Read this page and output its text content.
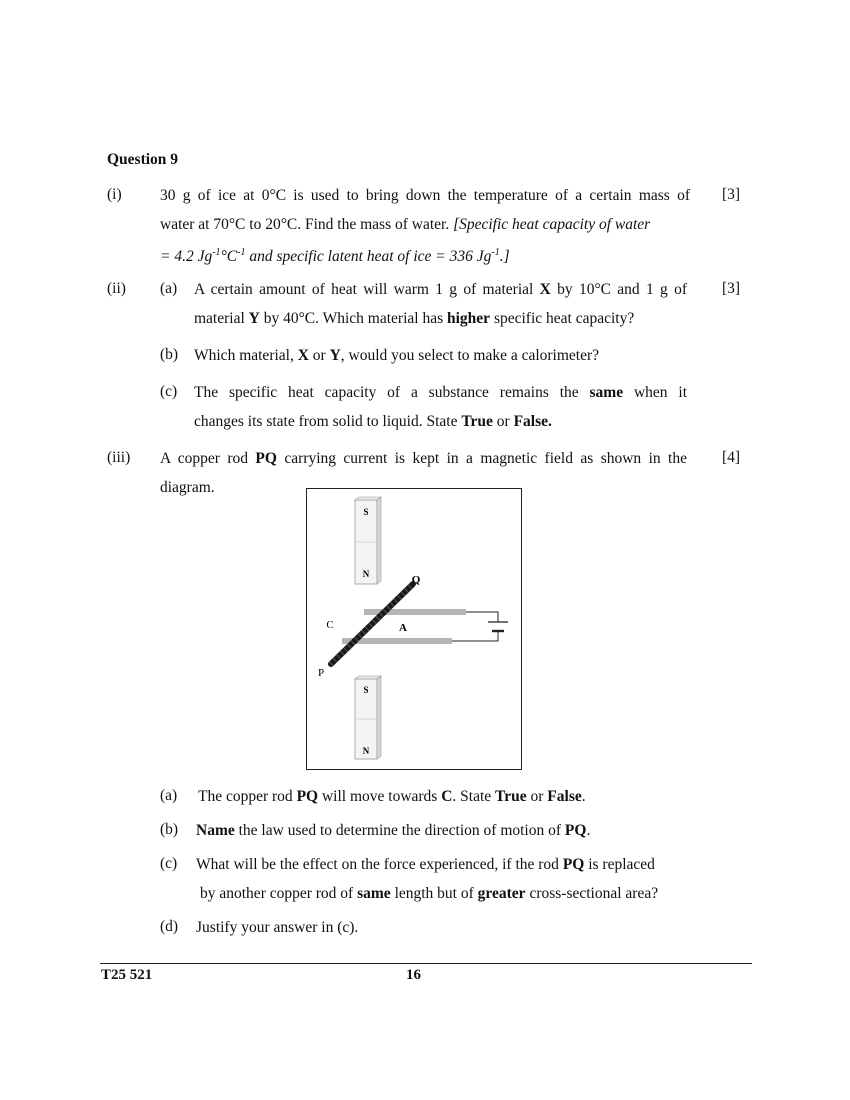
Question 9
(i)	[3]
30 g of ice at 0°C is used to bring down the temperature of a certain mass of
water at 70°C to 20°C. Find the mass of water. [Specific heat capacity of water
= 4.2 $Jg^{-1}^\circ C^{-1}$ and specific latent heat of ice = 336 $Jg^{-1}$.]
(ii)	[3]
(a) A certain amount of heat will warm 1 g of material X by 10°C and 1 g of
material Y by 40°C. Which material has higher specific heat capacity?
(b) Which material, X or Y, would you select to make a calorimeter?
(c) The specific heat capacity of a substance remains the same when it
changes its state from solid to liquid. State True or False.
(iii)	[4]
A copper rod PQ carrying current is kept in a magnetic field as shown in the
diagram.
S
N
S
N
Q
P
C	A
(a) The copper rod PQ will move towards C. State True or False.
(b) Name the law used to determine the direction of motion of PQ.
(c) What will be the effect on the force experienced, if the rod PQ is replaced
by another copper rod of same length but of greater cross-sectional area?
(d) Justify your answer in (c).
T25 521	16
